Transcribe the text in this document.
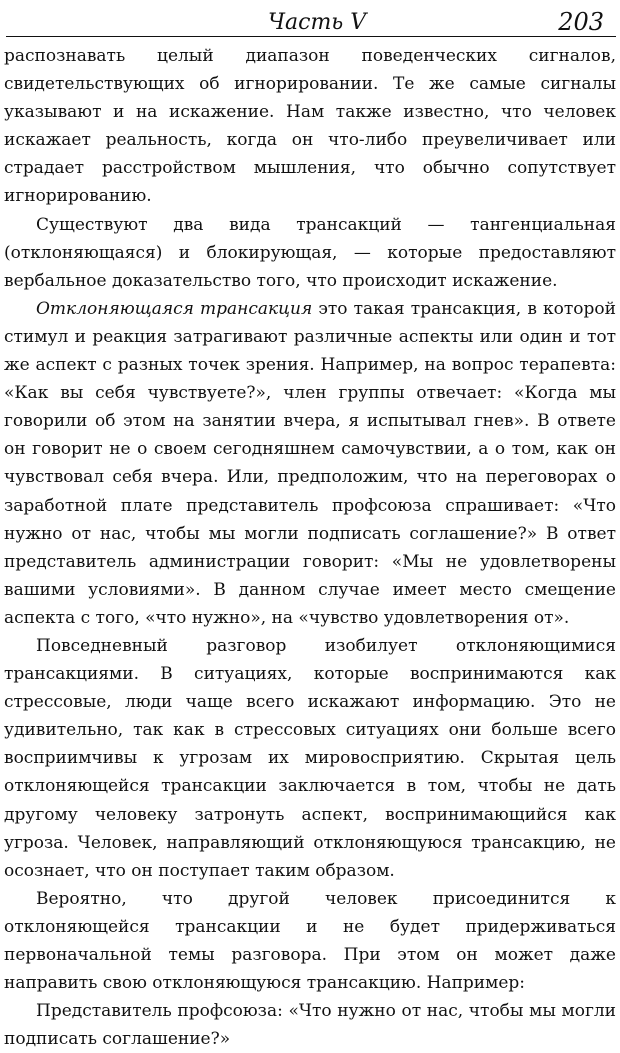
Часть V	203

распознавать целый диапазон поведенческих сигналов, свидетельствующих об игнорировании. Те же самые сигналы указывают и на искажение. Нам также известно, что человек искажает реальность, когда он что-либо преувеличивает или страдает расстройством мышления, что обычно сопутствует игнорированию.

Существуют два вида трансакций — тангенциальная (отклоняющаяся) и блокирующая, — которые предоставляют вербальное доказательство того, что происходит искажение.

Отклоняющаяся трансакция это такая трансакция, в которой стимул и реакция затрагивают различные аспекты или один и тот же аспект с разных точек зрения. Например, на вопрос терапевта: «Как вы себя чувствуете?», член группы отвечает: «Когда мы говорили об этом на занятии вчера, я испытывал гнев». В ответе он говорит не о своем сегодняшнем самочувствии, а о том, как он чувствовал себя вчера. Или, предположим, что на переговорах о заработной плате представитель профсоюза спрашивает: «Что нужно от нас, чтобы мы могли подписать соглашение?» В ответ представитель администрации говорит: «Мы не удовлетворены вашими условиями». В данном случае имеет место смещение аспекта с того, «что нужно», на «чувство удовлетворения от».

Повседневный разговор изобилует отклоняющимися трансакциями. В ситуациях, которые воспринимаются как стрессовые, люди чаще всего искажают информацию. Это не удивительно, так как в стрессовых ситуациях они больше всего восприимчивы к угрозам их мировосприятию. Скрытая цель отклоняющейся трансакции заключается в том, чтобы не дать другому человеку затронуть аспект, воспринимающийся как угроза. Человек, направляющий отклоняющуюся трансакцию, не осознает, что он поступает таким образом.

Вероятно, что другой человек присоединится к отклоняющейся трансакции и не будет придерживаться первоначальной темы разговора. При этом он может даже направить свою отклоняющуюся трансакцию. Например:

Представитель профсоюза: «Что нужно от нас, чтобы мы могли подписать соглашение?»
